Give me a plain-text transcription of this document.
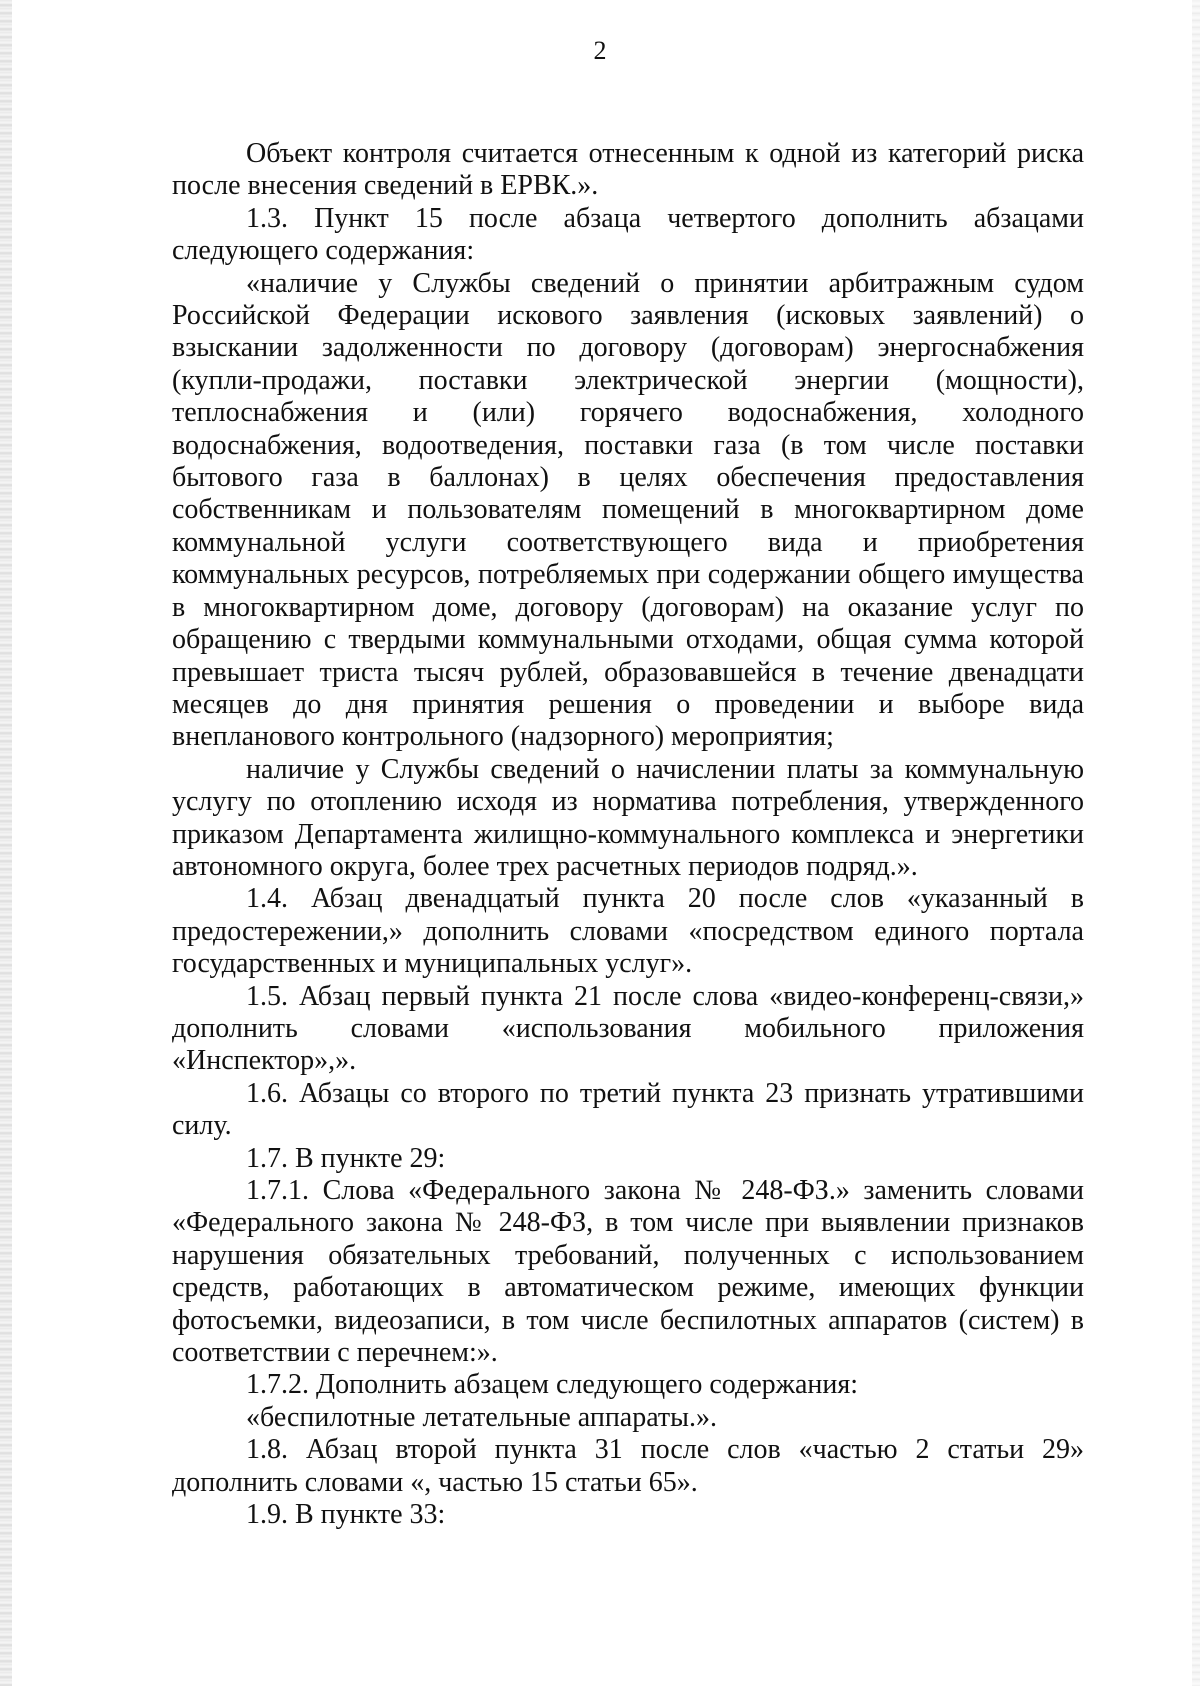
2

Объект контроля считается отнесенным к одной из категорий риска после внесения сведений в ЕРВК.».

1.3. Пункт 15 после абзаца четвертого дополнить абзацами следующего содержания:

«наличие у Службы сведений о принятии арбитражным судом Российской Федерации искового заявления (исковых заявлений) о взыскании задолженности по договору (договорам) энергоснабжения (купли-продажи, поставки электрической энергии (мощности), теплоснабжения и (или) горячего водоснабжения, холодного водоснабжения, водоотведения, поставки газа (в том числе поставки бытового газа в баллонах) в целях обеспечения предоставления собственникам и пользователям помещений в многоквартирном доме коммунальной услуги соответствующего вида и приобретения коммунальных ресурсов, потребляемых при содержании общего имущества в многоквартирном доме, договору (договорам) на оказание услуг по обращению с твердыми коммунальными отходами, общая сумма которой превышает триста тысяч рублей, образовавшейся в течение двенадцати месяцев до дня принятия решения о проведении и выборе вида внепланового контрольного (надзорного) мероприятия;

наличие у Службы сведений о начислении платы за коммунальную услугу по отоплению исходя из норматива потребления, утвержденного приказом Департамента жилищно-коммунального комплекса и энергетики автономного округа, более трех расчетных периодов подряд.».

1.4. Абзац двенадцатый пункта 20 после слов «указанный в предостережении,» дополнить словами «посредством единого портала государственных и муниципальных услуг».

1.5. Абзац первый пункта 21 после слова «видео-конференц-связи,» дополнить словами «использования мобильного приложения «Инспектор»,».

1.6. Абзацы со второго по третий пункта 23 признать утратившими силу.

1.7. В пункте 29:

1.7.1. Слова «Федерального закона № 248-ФЗ.» заменить словами «Федерального закона № 248-ФЗ, в том числе при выявлении признаков нарушения обязательных требований, полученных с использованием средств, работающих в автоматическом режиме, имеющих функции фотосъемки, видеозаписи, в том числе беспилотных аппаратов (систем) в соответствии с перечнем:».

1.7.2. Дополнить абзацем следующего содержания:

«беспилотные летательные аппараты.».

1.8. Абзац второй пункта 31 после слов «частью 2 статьи 29» дополнить словами «, частью 15 статьи 65».

1.9. В пункте 33:
